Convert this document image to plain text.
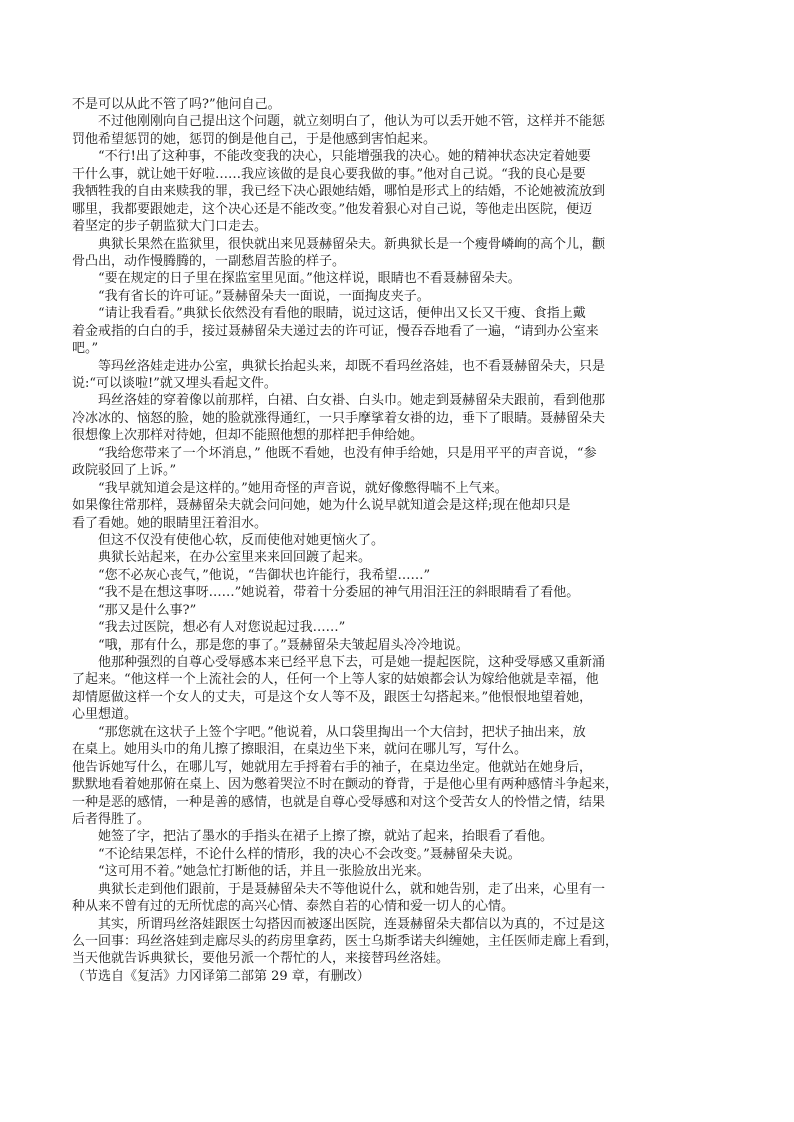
不是可以从此不管了吗?”他问自己。
不过他刚刚向自己提出这个问题，就立刻明白了，他认为可以丢开她不管，这样并不能惩
罚他希望惩罚的她，惩罚的倒是他自己，于是他感到害怕起来。
“不行!出了这种事，不能改变我的决心，只能增强我的决心。她的精神状态决定着她要
干什么事，就让她干好啦……我应该做的是良心要我做的事。”他对自己说。“我的良心是要
我牺牲我的自由来赎我的罪，我已经下决心跟她结婚，哪怕是形式上的结婚，不论她被流放到
哪里，我都要跟她走，这个决心还是不能改变。”他发着狠心对自己说，等他走出医院，便迈
着坚定的步子朝监狱大门口走去。
典狱长果然在监狱里，很快就出来见聂赫留朵夫。新典狱长是一个瘦骨嶙峋的高个儿，颧
骨凸出，动作慢腾腾的，一副愁眉苦脸的样子。
“要在规定的日子里在探监室里见面。”他这样说，眼睛也不看聂赫留朵夫。
“我有省长的许可证。”聂赫留朵夫一面说，一面掏皮夹子。
“请让我看看。”典狱长依然没有看他的眼睛，说过这话，便伸出又长又干瘦、食指上戴
着金戒指的白白的手，接过聂赫留朵夫递过去的许可证，慢吞吞地看了一遍，“请到办公室来
吧。”
等玛丝洛娃走进办公室，典狱长抬起头来，却既不看玛丝洛娃，也不看聂赫留朵夫，只是
说:“可以谈啦!”就又埋头看起文件。
玛丝洛娃的穿着像以前那样，白裙、白女褂、白头巾。她走到聂赫留朵夫跟前，看到他那
冷冰冰的、恼怒的脸，她的脸就涨得通红，一只手摩挲着女褂的边，垂下了眼睛。聂赫留朵夫
很想像上次那样对待她，但却不能照他想的那样把手伸给她。
“我给您带来了一个坏消息，” 他既不看她，也没有伸手给她，只是用平平的声音说，“参
政院驳回了上诉。”
“我早就知道会是这样的。”她用奇怪的声音说，就好像憋得喘不上气来。
如果像往常那样，聂赫留朵夫就会问问她，她为什么说早就知道会是这样;现在他却只是
看了看她。她的眼睛里汪着泪水。
但这不仅没有使他心软，反而使他对她更恼火了。
典狱长站起来，在办公室里来来回回踱了起来。
“您不必灰心丧气，”他说，“告御状也许能行，我希望……”
“我不是在想这事呀……”她说着，带着十分委屈的神气用泪汪汪的斜眼睛看了看他。
“那又是什么事?”
“我去过医院，想必有人对您说起过我……”
“哦，那有什么，那是您的事了。”聂赫留朵夫皱起眉头冷冷地说。
他那种强烈的自尊心受辱感本来已经平息下去，可是她一提起医院，这种受辱感又重新涌
了起来。“他这样一个上流社会的人，任何一个上等人家的姑娘都会认为嫁给他就是幸福，他
却情愿做这样一个女人的丈夫，可是这个女人等不及，跟医士勾搭起来。”他恨恨地望着她，
心里想道。
“那您就在这状子上签个字吧。”他说着，从口袋里掏出一个大信封，把状子抽出来，放
在桌上。她用头巾的角儿擦了擦眼泪，在桌边坐下来，就问在哪儿写，写什么。
他告诉她写什么，在哪儿写，她就用左手捋着右手的袖子，在桌边坐定。他就站在她身后，
默默地看着她那俯在桌上、因为憋着哭泣不时在颤动的脊背，于是他心里有两种感情斗争起来，
一种是恶的感情，一种是善的感情，也就是自尊心受辱感和对这个受苦女人的怜惜之情，结果
后者得胜了。
她签了字，把沾了墨水的手指头在裙子上擦了擦，就站了起来，抬眼看了看他。
“不论结果怎样，不论什么样的情形，我的决心不会改变。”聂赫留朵夫说。
“这可用不着。”她急忙打断他的话，并且一张脸放出光来。
典狱长走到他们跟前，于是聂赫留朵夫不等他说什么，就和她告别，走了出来，心里有一
种从来不曾有过的无所忧虑的高兴心情、泰然自若的心情和爱一切人的心情。
其实，所谓玛丝洛娃跟医士勾搭因而被逐出医院，连聂赫留朵夫都信以为真的，不过是这
么一回事：玛丝洛娃到走廊尽头的药房里拿药，医士乌斯季诺夫纠缠她，主任医师走廊上看到，
当天他就告诉典狱长，要他另派一个帮忙的人，来接替玛丝洛娃。
（节选自《复活》力冈译第二部第 29 章，有删改）
